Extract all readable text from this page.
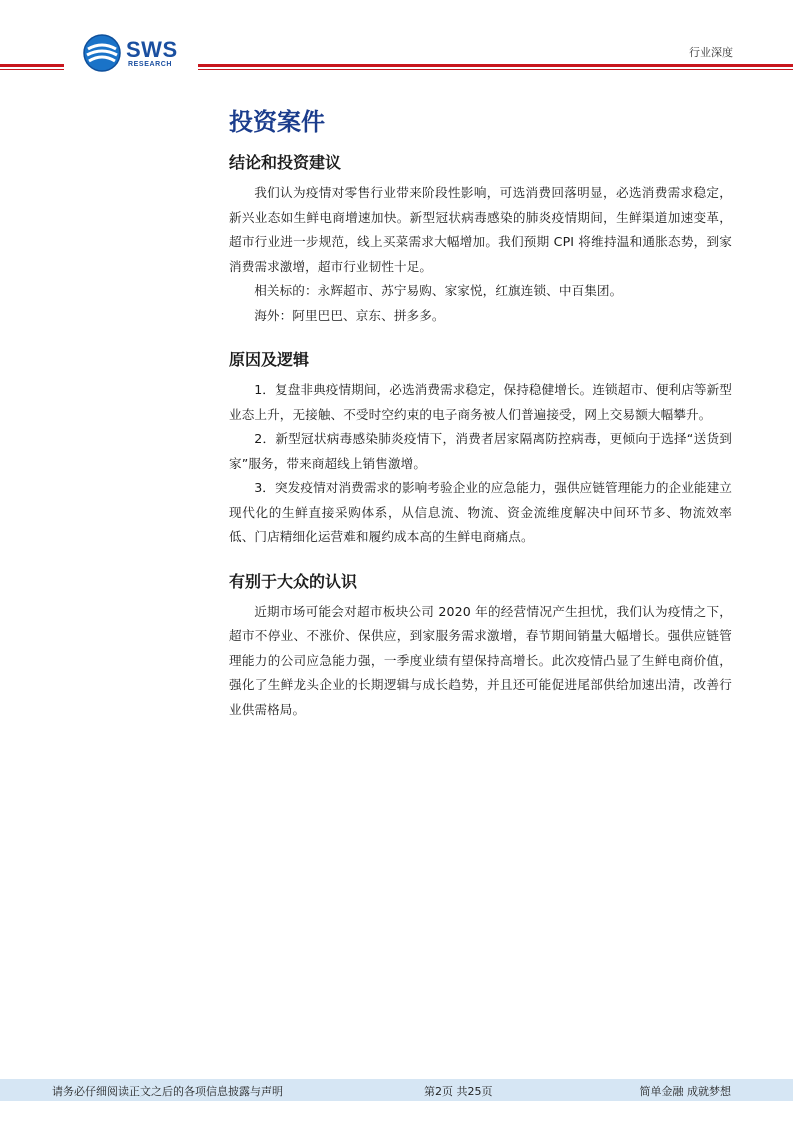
SWS
RESEARCH
行业深度
投资案件
结论和投资建议

我们认为疫情对零售行业带来阶段性影响，可选消费回落明显，必选消费需求稳定，新兴业态如生鲜电商增速加快。新型冠状病毒感染的肺炎疫情期间，生鲜渠道加速变革，超市行业进一步规范，线上买菜需求大幅增加。我们预期 CPI 将维持温和通胀态势，到家消费需求激增，超市行业韧性十足。

相关标的：永辉超市、苏宁易购、家家悦，红旗连锁、中百集团。

海外：阿里巴巴、京东、拼多多。

原因及逻辑

1．复盘非典疫情期间，必选消费需求稳定，保持稳健增长。连锁超市、便利店等新型业态上升，无接触、不受时空约束的电子商务被人们普遍接受，网上交易额大幅攀升。

2．新型冠状病毒感染肺炎疫情下，消费者居家隔离防控病毒，更倾向于选择“送货到家”服务，带来商超线上销售激增。

3．突发疫情对消费需求的影响考验企业的应急能力，强供应链管理能力的企业能建立现代化的生鲜直接采购体系，从信息流、物流、资金流维度解决中间环节多、物流效率低、门店精细化运营难和履约成本高的生鲜电商痛点。

有别于大众的认识

近期市场可能会对超市板块公司 2020 年的经营情况产生担忧，我们认为疫情之下，超市不停业、不涨价、保供应，到家服务需求激增，春节期间销量大幅增长。强供应链管理能力的公司应急能力强，一季度业绩有望保持高增长。此次疫情凸显了生鲜电商价值，强化了生鲜龙头企业的长期逻辑与成长趋势，并且还可能促进尾部供给加速出清，改善行业供需格局。

请务必仔细阅读正文之后的各项信息披露与声明	第2页 共25页	简单金融 成就梦想
